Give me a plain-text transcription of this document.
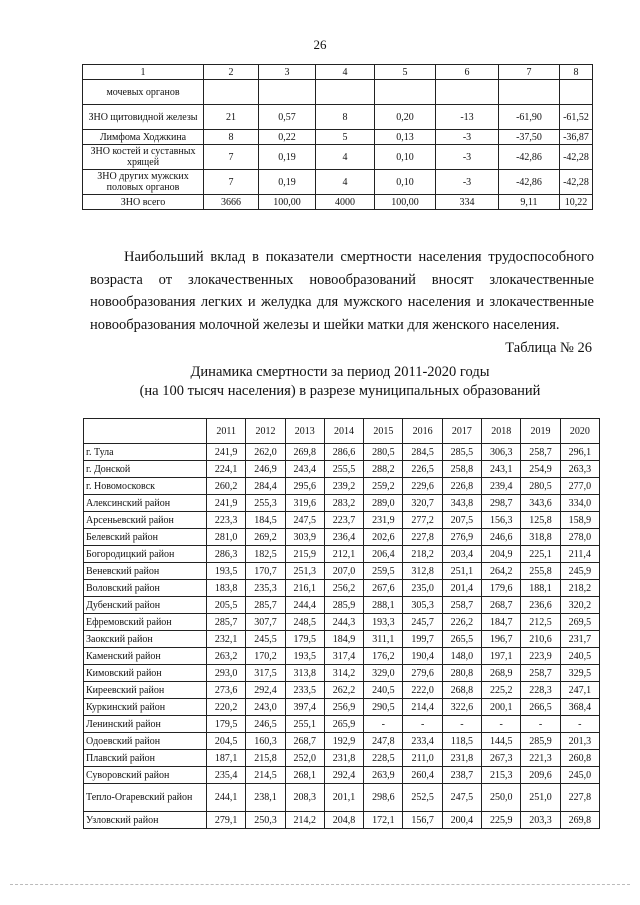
26
1	2	3	4	5	6	7	8
мочевых органов							
ЗНО щитовидной железы	21	0,57	8	0,20	-13	-61,90	-61,52
Лимфома Ходжкина	8	0,22	5	0,13	-3	-37,50	-36,87
ЗНО костей и суставных хрящей	7	0,19	4	0,10	-3	-42,86	-42,28
ЗНО других мужских половых органов	7	0,19	4	0,10	-3	-42,86	-42,28
ЗНО всего	3666	100,00	4000	100,00	334	9,11	10,22

Наибольший вклад в показатели смертности населения трудоспособного возраста от злокачественных новообразований вносят злокачественные новообразования легких и желудка для мужского населения и злокачественные новообразования молочной железы и шейки матки для женского населения.

Таблица № 26
Динамика смертности за период 2011-2020 годы
(на 100 тысяч населения) в разрезе муниципальных образований
	2011	2012	2013	2014	2015	2016	2017	2018	2019	2020
г. Тула	241,9	262,0	269,8	286,6	280,5	284,5	285,5	306,3	258,7	296,1
г. Донской	224,1	246,9	243,4	255,5	288,2	226,5	258,8	243,1	254,9	263,3
г. Новомосковск	260,2	284,4	295,6	239,2	259,2	229,6	226,8	239,4	280,5	277,0
Алексинский район	241,9	255,3	319,6	283,2	289,0	320,7	343,8	298,7	343,6	334,0
Арсеньевский район	223,3	184,5	247,5	223,7	231,9	277,2	207,5	156,3	125,8	158,9
Белевский район	281,0	269,2	303,9	236,4	202,6	227,8	276,9	246,6	318,8	278,0
Богородицкий район	286,3	182,5	215,9	212,1	206,4	218,2	203,4	204,9	225,1	211,4
Веневский район	193,5	170,7	251,3	207,0	259,5	312,8	251,1	264,2	255,8	245,9
Воловский район	183,8	235,3	216,1	256,2	267,6	235,0	201,4	179,6	188,1	218,2
Дубенский район	205,5	285,7	244,4	285,9	288,1	305,3	258,7	268,7	236,6	320,2
Ефремовский район	285,7	307,7	248,5	244,3	193,3	245,7	226,2	184,7	212,5	269,5
Заокский район	232,1	245,5	179,5	184,9	311,1	199,7	265,5	196,7	210,6	231,7
Каменский район	263,2	170,2	193,5	317,4	176,2	190,4	148,0	197,1	223,9	240,5
Кимовский район	293,0	317,5	313,8	314,2	329,0	279,6	280,8	268,9	258,7	329,5
Киреевский район	273,6	292,4	233,5	262,2	240,5	222,0	268,8	225,2	228,3	247,1
Куркинский район	220,2	243,0	397,4	256,9	290,5	214,4	322,6	200,1	266,5	368,4
Ленинский район	179,5	246,5	255,1	265,9	-	-	-	-	-	-
Одоевский район	204,5	160,3	268,7	192,9	247,8	233,4	118,5	144,5	285,9	201,3
Плавский район	187,1	215,8	252,0	231,8	228,5	211,0	231,8	267,3	221,3	260,8
Суворовский район	235,4	214,5	268,1	292,4	263,9	260,4	238,7	215,3	209,6	245,0
Тепло-Огаревский район	244,1	238,1	208,3	201,1	298,6	252,5	247,5	250,0	251,0	227,8
Узловский район	279,1	250,3	214,2	204,8	172,1	156,7	200,4	225,9	203,3	269,8
